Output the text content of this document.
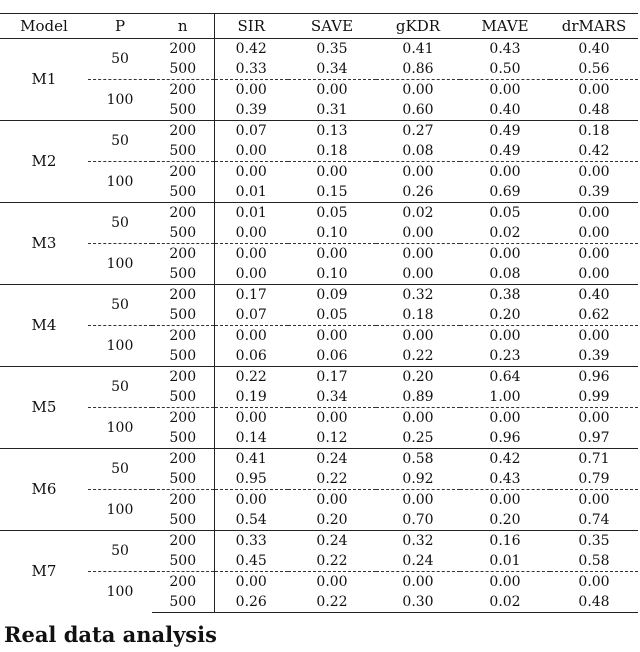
Model	P	n	SIR	SAVE	gKDR	MAVE	drMARS
M1	50	200	0.42	0.35	0.41	0.43	0.40
		500	0.33	0.34	0.86	0.50	0.56
	100	200	0.00	0.00	0.00	0.00	0.00
		500	0.39	0.31	0.60	0.40	0.48
M2	50	200	0.07	0.13	0.27	0.49	0.18
		500	0.00	0.18	0.08	0.49	0.42
	100	200	0.00	0.00	0.00	0.00	0.00
		500	0.01	0.15	0.26	0.69	0.39
M3	50	200	0.01	0.05	0.02	0.05	0.00
		500	0.00	0.10	0.00	0.02	0.00
	100	200	0.00	0.00	0.00	0.00	0.00
		500	0.00	0.10	0.00	0.08	0.00
M4	50	200	0.17	0.09	0.32	0.38	0.40
		500	0.07	0.05	0.18	0.20	0.62
	100	200	0.00	0.00	0.00	0.00	0.00
		500	0.06	0.06	0.22	0.23	0.39
M5	50	200	0.22	0.17	0.20	0.64	0.96
		500	0.19	0.34	0.89	1.00	0.99
	100	200	0.00	0.00	0.00	0.00	0.00
		500	0.14	0.12	0.25	0.96	0.97
M6	50	200	0.41	0.24	0.58	0.42	0.71
		500	0.95	0.22	0.92	0.43	0.79
	100	200	0.00	0.00	0.00	0.00	0.00
		500	0.54	0.20	0.70	0.20	0.74
M7	50	200	0.33	0.24	0.32	0.16	0.35
		500	0.45	0.22	0.24	0.01	0.58
	100	200	0.00	0.00	0.00	0.00	0.00
		500	0.26	0.22	0.30	0.02	0.48
Real data analysis
